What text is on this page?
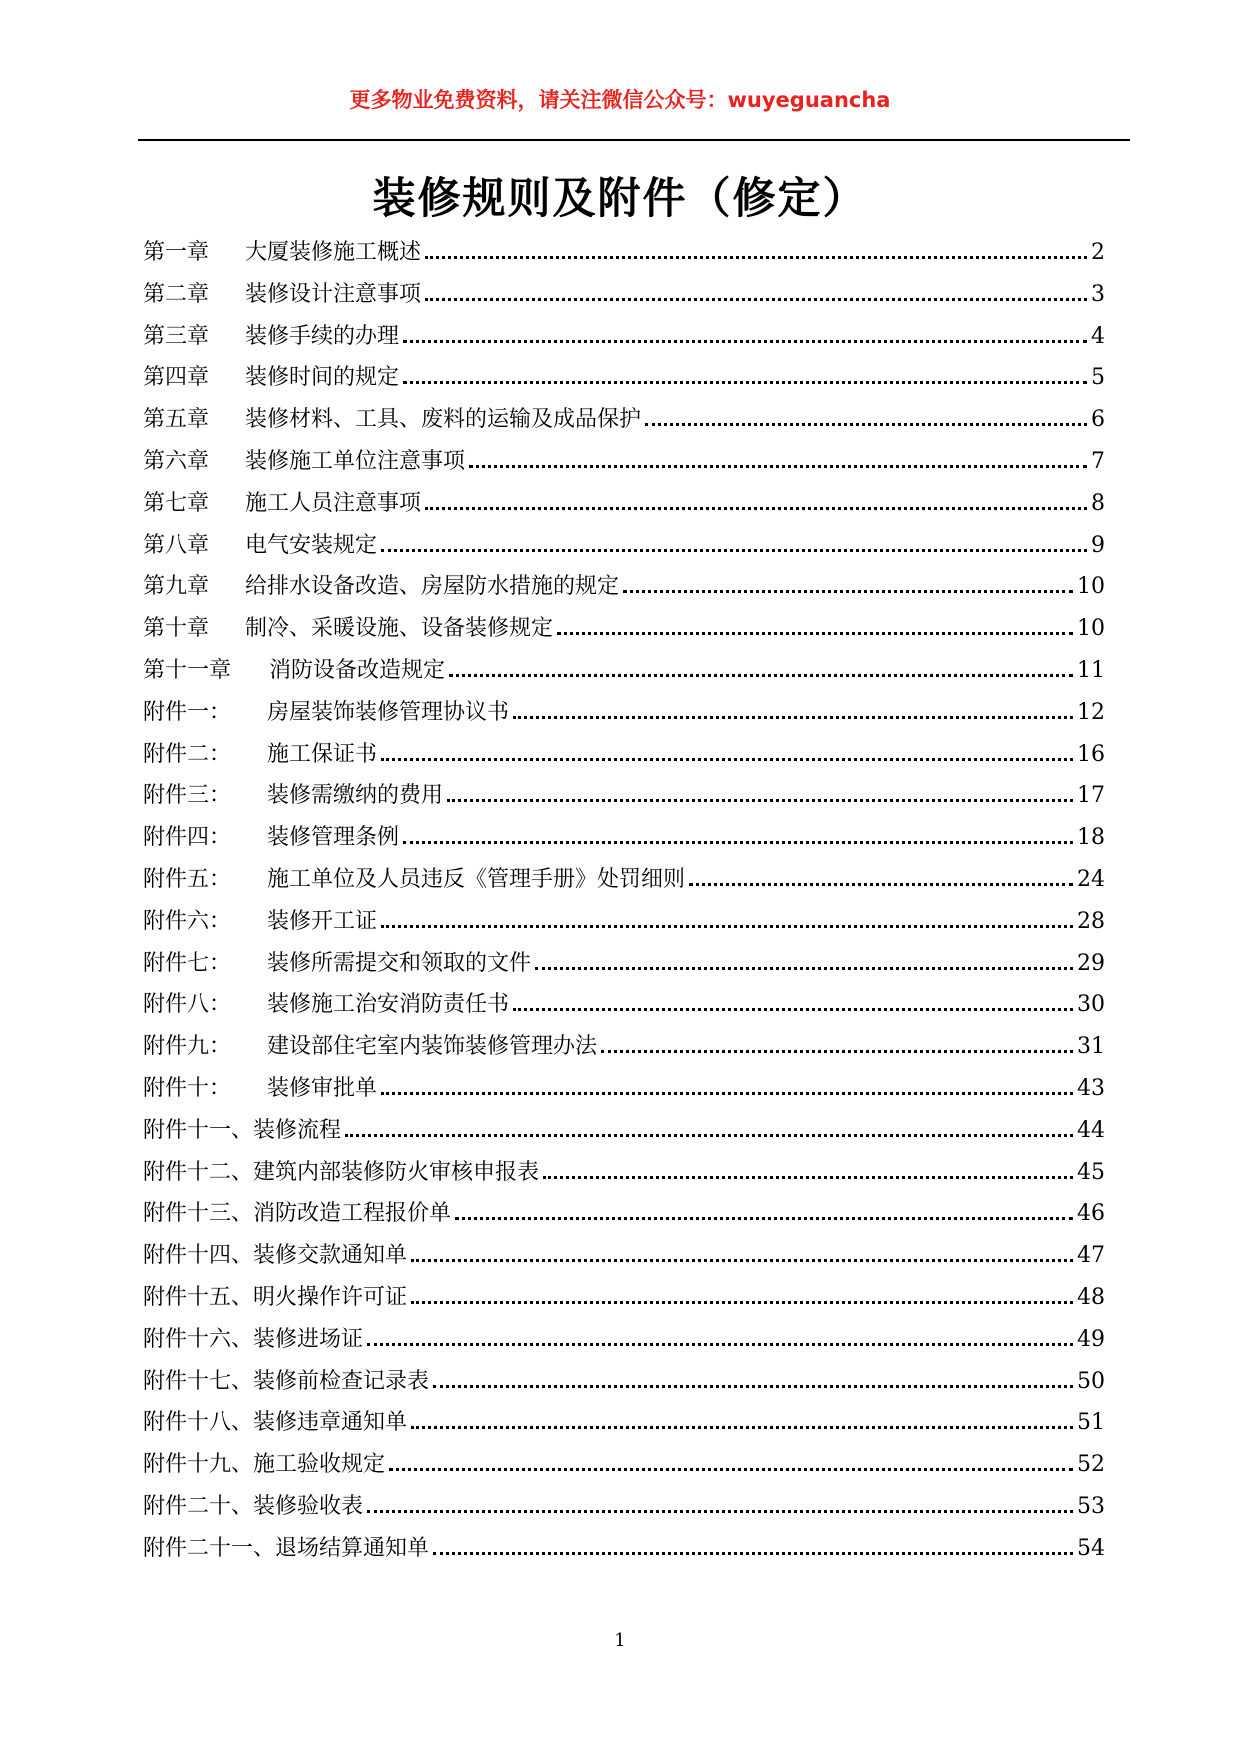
更多物业免费资料，请关注微信公众号：wuyeguancha
装修规则及附件（修定）
第一章	大厦装修施工概述	2
第二章	装修设计注意事项	3
第三章	装修手续的办理	4
第四章	装修时间的规定	5
第五章	装修材料、工具、废料的运输及成品保护	6
第六章	装修施工单位注意事项	7
第七章	施工人员注意事项	8
第八章	电气安装规定	9
第九章	给排水设备改造、房屋防水措施的规定	10
第十章	制冷、采暖设施、设备装修规定	10
第十一章	消防设备改造规定	11
附件一：	房屋装饰装修管理协议书	12
附件二：	施工保证书	16
附件三：	装修需缴纳的费用	17
附件四：	装修管理条例	18
附件五：	施工单位及人员违反《管理手册》处罚细则	24
附件六：	装修开工证	28
附件七：	装修所需提交和领取的文件	29
附件八：	装修施工治安消防责任书	30
附件九：	建设部住宅室内装饰装修管理办法	31
附件十：	装修审批单	43
附件十一、 装修流程	44
附件十二、 建筑内部装修防火审核申报表	45
附件十三、 消防改造工程报价单	46
附件十四、 装修交款通知单	47
附件十五、 明火操作许可证	48
附件十六、 装修进场证	49
附件十七、 装修前检查记录表	50
附件十八、 装修违章通知单	51
附件十九、 施工验收规定	52
附件二十、 装修验收表	53
附件二十一、 退场结算通知单	54
1
